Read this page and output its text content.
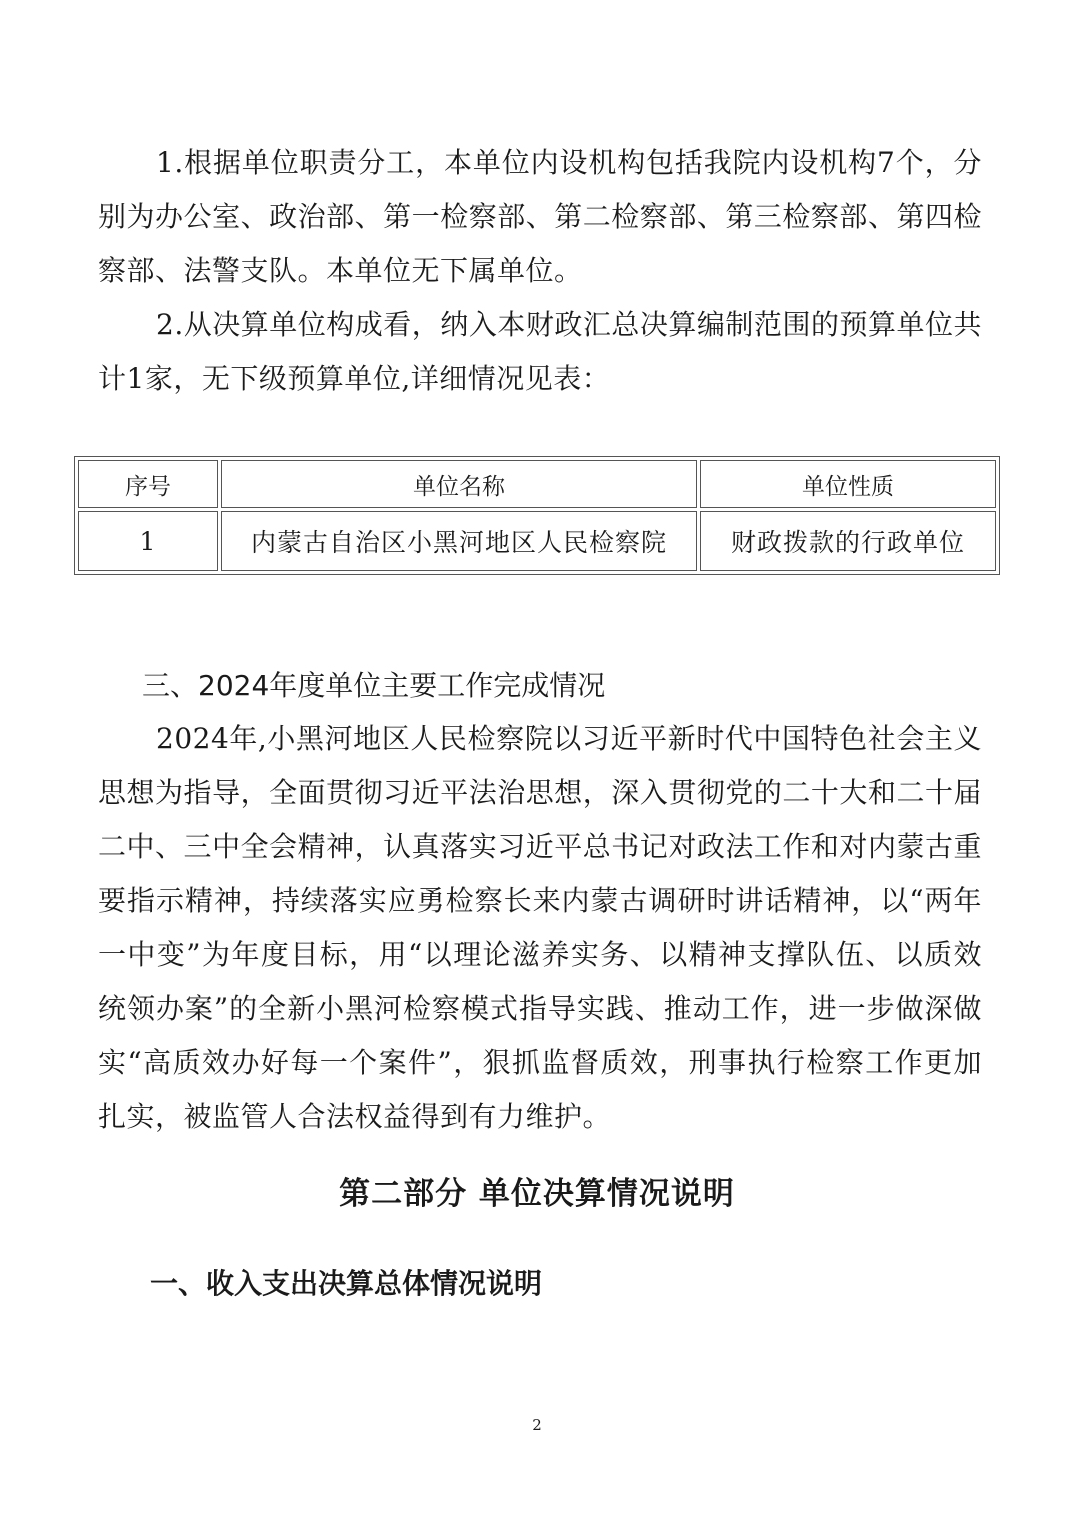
1.根据单位职责分工，本单位内设机构包括我院内设机构7个，分别为办公室、政治部、第一检察部、第二检察部、第三检察部、第四检察部、法警支队。本单位无下属单位。

2.从决算单位构成看，纳入本财政汇总决算编制范围的预算单位共计1家，无下级预算单位,详细情况见表：

序号	单位名称	单位性质
1	内蒙古自治区小黑河地区人民检察院	财政拨款的行政单位
三、2024年度单位主要工作完成情况

2024年,小黑河地区人民检察院以习近平新时代中国特色社会主义思想为指导，全面贯彻习近平法治思想，深入贯彻党的二十大和二十届二中、三中全会精神，认真落实习近平总书记对政法工作和对内蒙古重要指示精神，持续落实应勇检察长来内蒙古调研时讲话精神，以“两年一中变”为年度目标，用“以理论滋养实务、以精神支撑队伍、以质效统领办案”的全新小黑河检察模式指导实践、推动工作，进一步做深做实“高质效办好每一个案件”，狠抓监督质效，刑事执行检察工作更加扎实，被监管人合法权益得到有力维护。

第二部分 单位决算情况说明
一、收入支出决算总体情况说明

2
